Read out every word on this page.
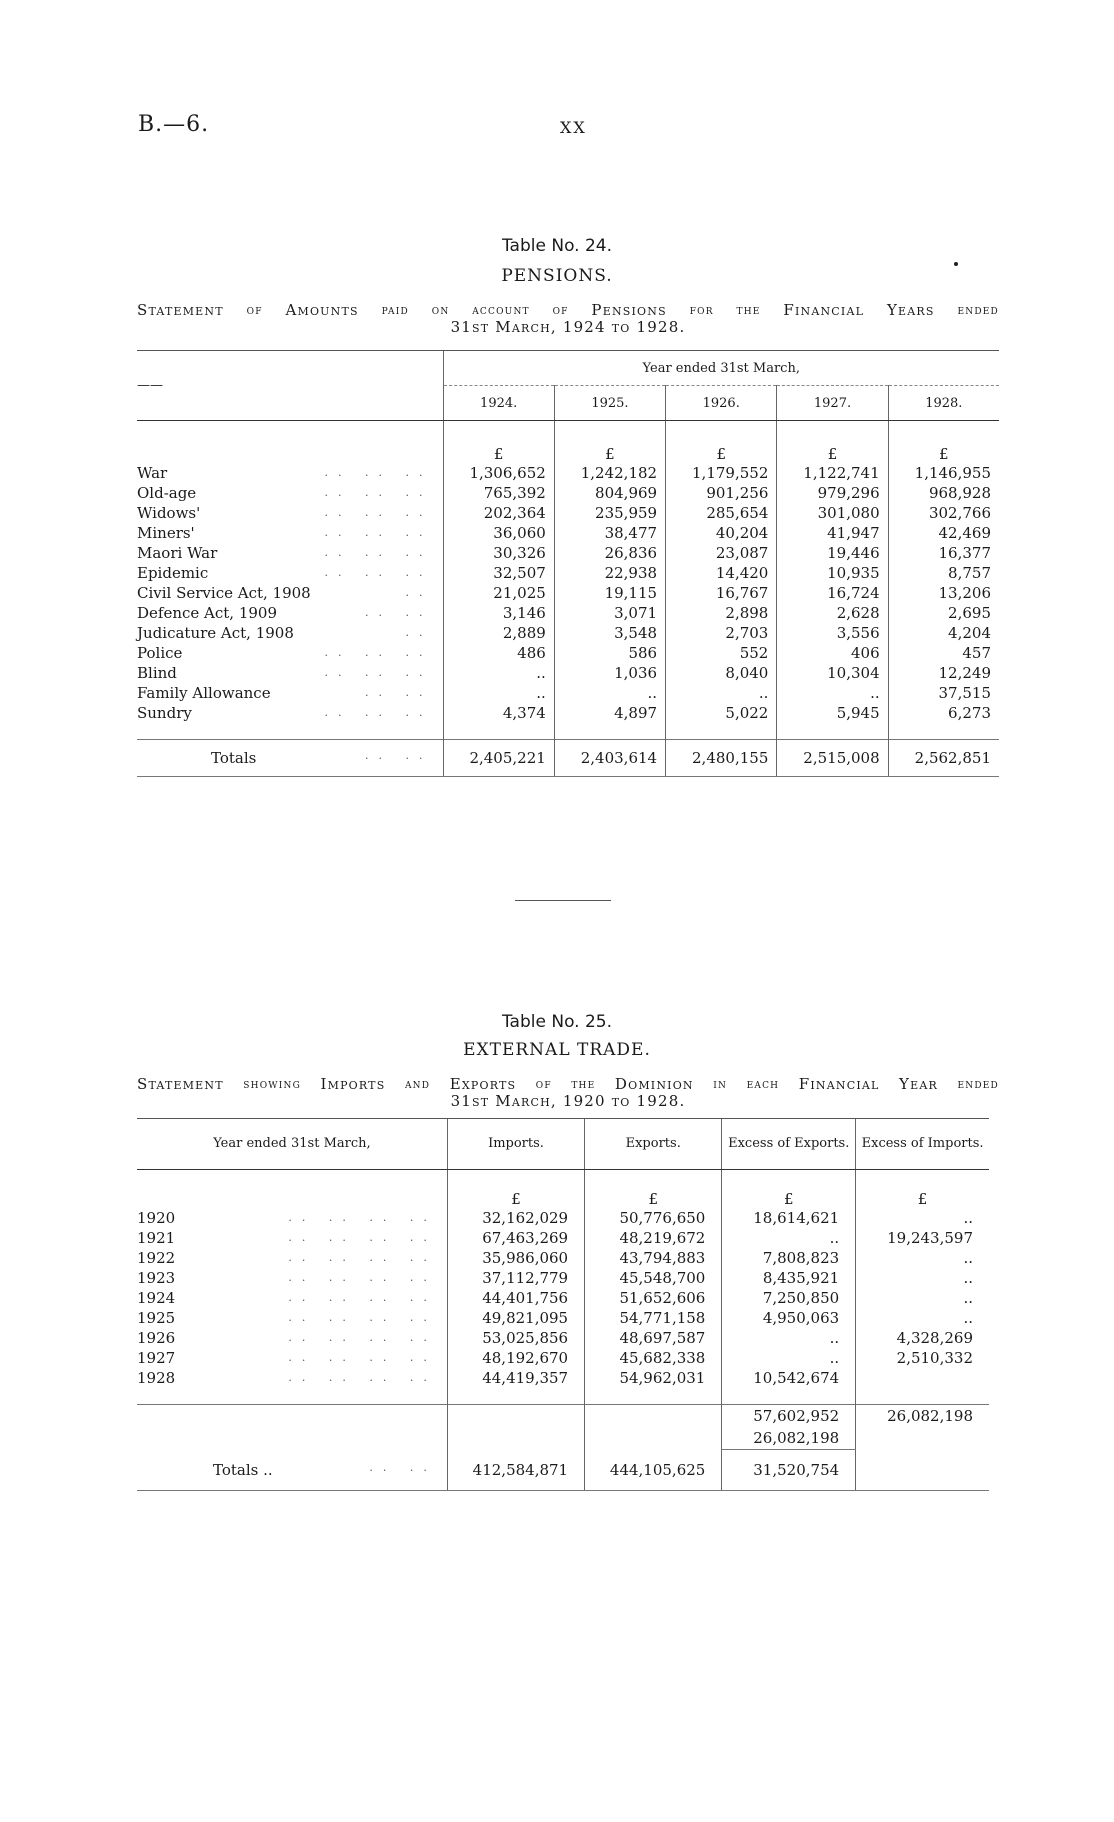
B.—6.	XX
Table No. 24.
PENSIONS.
Statement of Amounts paid on account of Pensions for the Financial Years ended
31st March, 1924 to 1928.
——	Year ended 31st March,				
	1924.	1925.	1926.	1927.	1928.
	£	£	£	£	£

War .. .. ..	1,306,652	1,242,182	1,179,552	1,122,741	1,146,955

Old-age .. .. ..	765,392	804,969	901,256	979,296	968,928

Widows' .. .. ..	202,364	235,959	285,654	301,080	302,766

Miners' .. .. ..	36,060	38,477	40,204	41,947	42,469

Maori War .. .. ..	30,326	26,836	23,087	19,446	16,377

Epidemic .. .. ..	32,507	22,938	14,420	10,935	8,757

Civil Service Act, 1908 ..	21,025	19,115	16,767	16,724	13,206

Defence Act, 1909 .. ..	3,146	3,071	2,898	2,628	2,695

Judicature Act, 1908 ..	2,889	3,548	2,703	3,556	4,204

Police .. .. ..	486	586	552	406	457

Blind .. .. ..	..	1,036	8,040	10,304	12,249

Family Allowance .. ..	..	..	..	..	37,515

Sundry .. .. ..	4,374	4,897	5,022	5,945	6,273

Totals .. ..	2,405,221	2,403,614	2,480,155	2,515,008	2,562,851
Table No. 25.
EXTERNAL TRADE.
Statement showing Imports and Exports of the Dominion in each Financial Year ended
31st March, 1920 to 1928.
Year ended 31st March,	Imports.	Exports.	Excess of Exports.	Excess of Imports.
	£	£	£	£

1920 .. .. .. ..	32,162,029	50,776,650	18,614,621	..

1921 .. .. .. ..	67,463,269	48,219,672	..	19,243,597

1922 .. .. .. ..	35,986,060	43,794,883	7,808,823	..

1923 .. .. .. ..	37,112,779	45,548,700	8,435,921	..

1924 .. .. .. ..	44,401,756	51,652,606	7,250,850	..

1925 .. .. .. ..	49,821,095	54,771,158	4,950,063	..

1926 .. .. .. ..	53,025,856	48,697,587	..	4,328,269

1927 .. .. .. ..	48,192,670	45,682,338	..	2,510,332

1928 .. .. .. ..	44,419,357	54,962,031	10,542,674	

			57,602,952	26,082,198
			26,082,198	

Totals .. .. ..	412,584,871	444,105,625	31,520,754	
